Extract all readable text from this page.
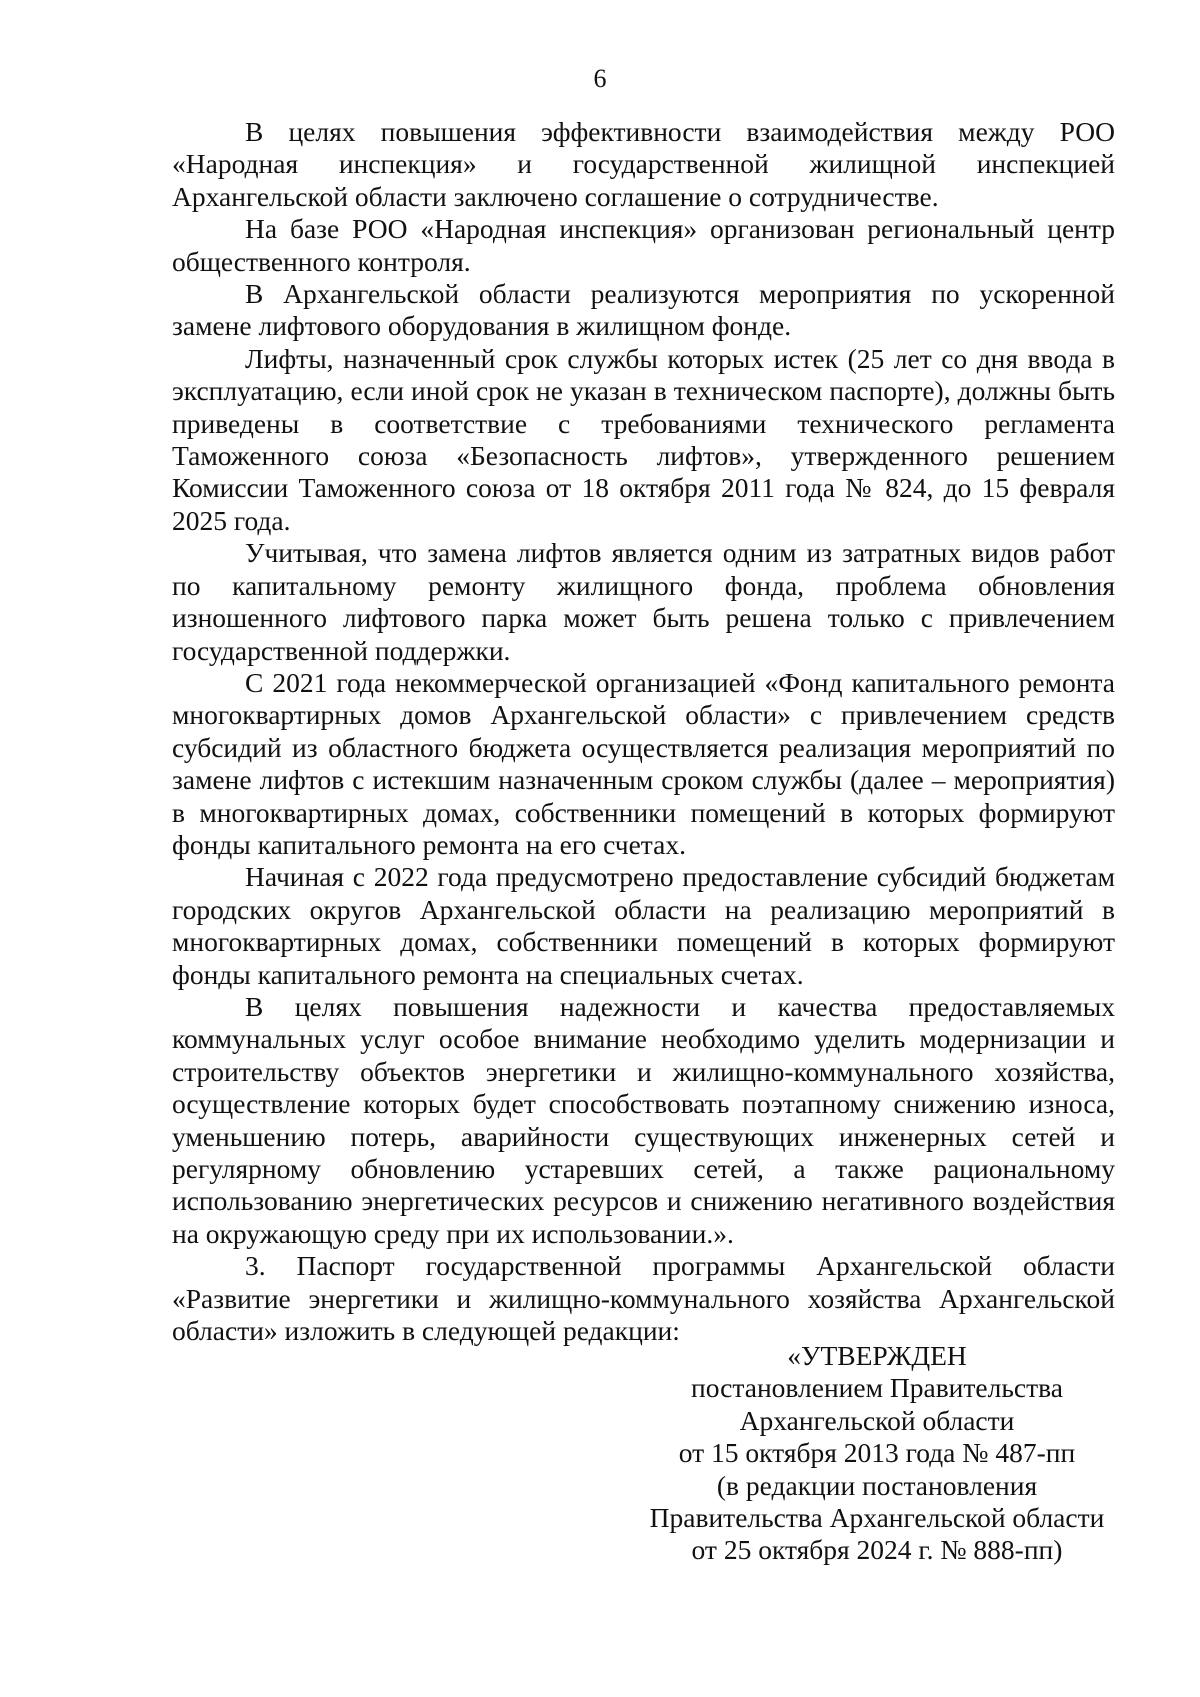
6

В целях повышения эффективности взаимодействия между РОО «Народная инспекция» и государственной жилищной инспекцией Архангельской области заключено соглашение о сотрудничестве.

На базе РОО «Народная инспекция» организован региональный центр общественного контроля.

В Архангельской области реализуются мероприятия по ускоренной замене лифтового оборудования в жилищном фонде.

Лифты, назначенный срок службы которых истек (25 лет со дня ввода в эксплуатацию, если иной срок не указан в техническом паспорте), должны быть приведены в соответствие с требованиями технического регламента Таможенного союза «Безопасность лифтов», утвержденного решением Комиссии Таможенного союза от 18 октября 2011 года № 824, до 15 февраля 2025 года.

Учитывая, что замена лифтов является одним из затратных видов работ по капитальному ремонту жилищного фонда, проблема обновления изношенного лифтового парка может быть решена только с привлечением государственной поддержки.

С 2021 года некоммерческой организацией «Фонд капитального ремонта многоквартирных домов Архангельской области» с привлечением средств субсидий из областного бюджета осуществляется реализация мероприятий по замене лифтов с истекшим назначенным сроком службы (далее – мероприятия) в многоквартирных домах, собственники помещений в которых формируют фонды капитального ремонта на его счетах.

Начиная с 2022 года предусмотрено предоставление субсидий бюджетам городских округов Архангельской области на реализацию мероприятий в многоквартирных домах, собственники помещений в которых формируют фонды капитального ремонта на специальных счетах.

В целях повышения надежности и качества предоставляемых коммунальных услуг особое внимание необходимо уделить модернизации и строительству объектов энергетики и жилищно-коммунального хозяйства, осуществление которых будет способствовать поэтапному снижению износа, уменьшению потерь, аварийности существующих инженерных сетей и регулярному обновлению устаревших сетей, а также рациональному использованию энергетических ресурсов и снижению негативного воздействия на окружающую среду при их использовании.».

3. Паспорт государственной программы Архангельской области «Развитие энергетики и жилищно-коммунального хозяйства Архангельской области» изложить в следующей редакции:

«УТВЕРЖДЕН
постановлением Правительства
Архангельской области
от 15 октября 2013 года № 487-пп
(в редакции постановления
Правительства Архангельской области
от 25 октября 2024 г. № 888-пп)
